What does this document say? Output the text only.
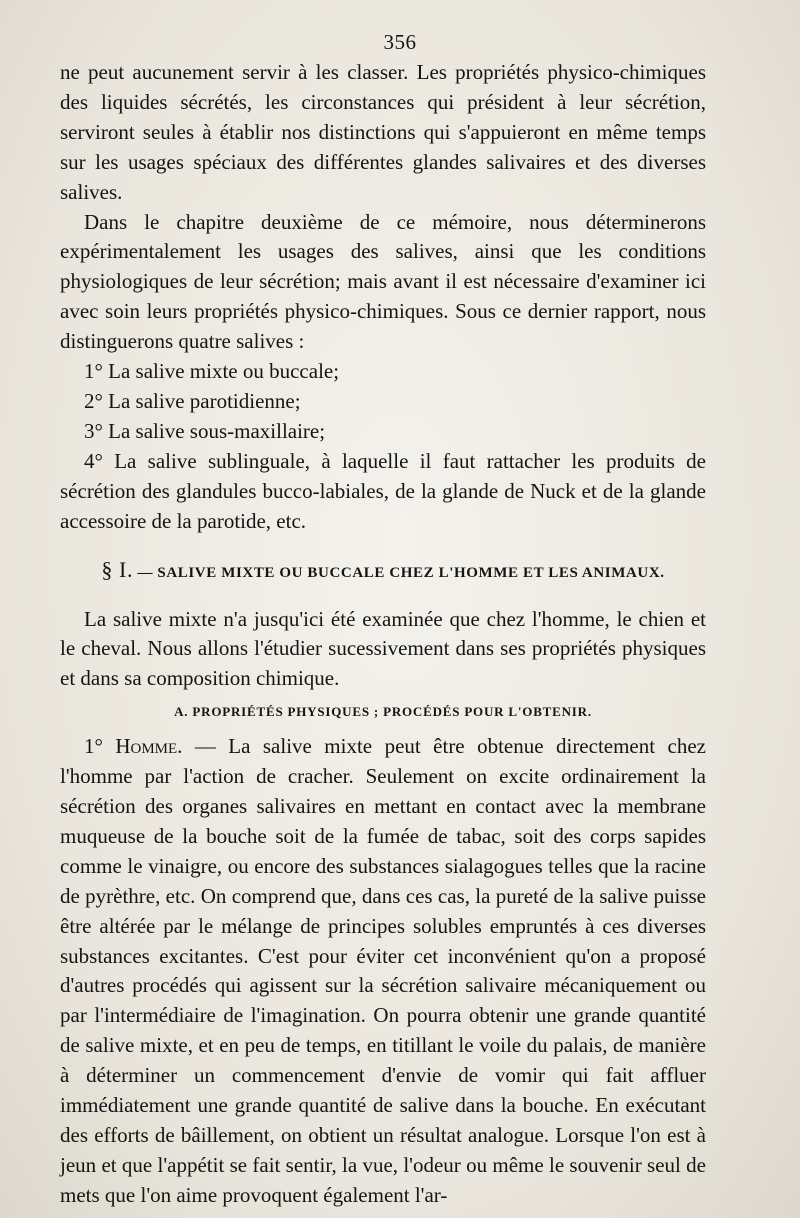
356

ne peut aucunement servir à les classer. Les propriétés physico-chimiques des liquides sécrétés, les circonstances qui président à leur sécrétion, serviront seules à établir nos distinctions qui s'appuieront en même temps sur les usages spéciaux des différentes glandes salivaires et des diverses salives.

Dans le chapitre deuxième de ce mémoire, nous déterminerons expérimentalement les usages des salives, ainsi que les conditions physiologiques de leur sécrétion; mais avant il est nécessaire d'examiner ici avec soin leurs propriétés physico-chimiques. Sous ce dernier rapport, nous distinguerons quatre salives :

1° La salive mixte ou buccale;

2° La salive parotidienne;

3° La salive sous-maxillaire;

4° La salive sublinguale, à laquelle il faut rattacher les produits de sécrétion des glandules bucco-labiales, de la glande de Nuck et de la glande accessoire de la parotide, etc.

§ I. — SALIVE MIXTE OU BUCCALE CHEZ L'HOMME ET LES ANIMAUX.

La salive mixte n'a jusqu'ici été examinée que chez l'homme, le chien et le cheval. Nous allons l'étudier sucessivement dans ses propriétés physiques et dans sa composition chimique.

A. PROPRIÉTÉS PHYSIQUES ; PROCÉDÉS POUR L'OBTENIR.

1° Homme. — La salive mixte peut être obtenue directement chez l'homme par l'action de cracher. Seulement on excite ordinairement la sécrétion des organes salivaires en mettant en contact avec la membrane muqueuse de la bouche soit de la fumée de tabac, soit des corps sapides comme le vinaigre, ou encore des substances sialagogues telles que la racine de pyrèthre, etc. On comprend que, dans ces cas, la pureté de la salive puisse être altérée par le mélange de principes solubles empruntés à ces diverses substances excitantes. C'est pour éviter cet inconvénient qu'on a proposé d'autres procédés qui agissent sur la sécrétion salivaire mécaniquement ou par l'intermédiaire de l'imagination. On pourra obtenir une grande quantité de salive mixte, et en peu de temps, en titillant le voile du palais, de manière à déterminer un commencement d'envie de vomir qui fait affluer immédiatement une grande quantité de salive dans la bouche. En exécutant des efforts de bâillement, on obtient un résultat analogue. Lorsque l'on est à jeun et que l'appétit se fait sentir, la vue, l'odeur ou même le souvenir seul de mets que l'on aime provoquent également l'ar-
